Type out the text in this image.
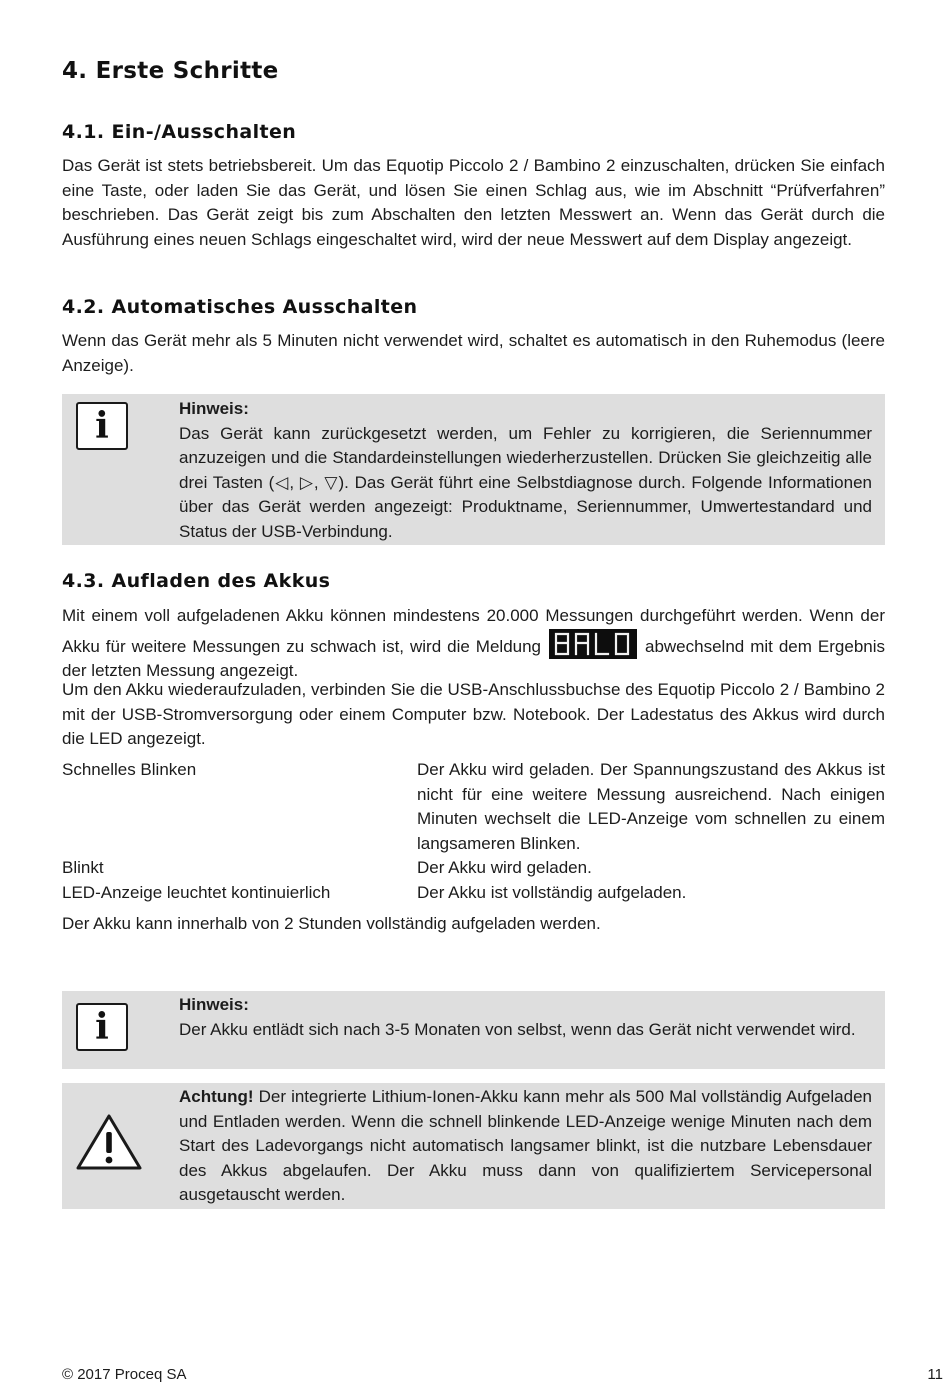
4. Erste Schritte
4.1. Ein-/Ausschalten

Das Gerät ist stets betriebsbereit. Um das Equotip Piccolo 2 / Bambino 2 einzuschalten, drücken Sie einfach eine Taste, oder laden Sie das Gerät, und lösen Sie einen Schlag aus, wie im Abschnitt “Prüfverfahren” beschrieben. Das Gerät zeigt bis zum Abschalten den letzten Messwert an. Wenn das Gerät durch die Ausführung eines neuen Schlags eingeschaltet wird, wird der neue Messwert auf dem Display angezeigt.

4.2. Automatisches Ausschalten

Wenn das Gerät mehr als 5 Minuten nicht verwendet wird, schaltet es automatisch in den Ruhemodus (leere Anzeige).

i	Hinweis:
Das Gerät kann zurückgesetzt werden, um Fehler zu korrigieren, die Seriennummer anzuzeigen und die Standardeinstellungen wiederherzustellen. Drücken Sie gleichzeitig alle drei Tasten (◁, ▷, ▽). Das Gerät führt eine Selbstdiagnose durch. Folgende Informationen über das Gerät werden angezeigt: Produktname, Seriennummer, Umwertestandard und Status der USB-Verbindung.
4.3. Aufladen des Akkus

Mit einem voll aufgeladenen Akku können mindestens 20.000 Messungen durchgeführt werden. Wenn der Akku für weitere Messungen zu schwach ist, wird die Meldung
BALO
abwechselnd mit dem Ergebnis der letzten Messung angezeigt.

Um den Akku wiederaufzuladen, verbinden Sie die USB-Anschlussbuchse des Equotip Piccolo 2 / Bambino 2 mit der USB-Stromversorgung oder einem Computer bzw. Notebook. Der Ladestatus des Akkus wird durch die LED angezeigt.

Schnelles Blinken	Der Akku wird geladen. Der Spannungszustand des Akkus ist nicht für eine weitere Messung ausreichend. Nach einigen Minuten wechselt die LED-Anzeige vom schnellen zu einem langsameren Blinken.
Blinkt	Der Akku wird geladen.
LED-Anzeige leuchtet kontinuierlich	Der Akku ist vollständig aufgeladen.

Der Akku kann innerhalb von 2 Stunden vollständig aufgeladen werden.

i
Hinweis:
Der Akku entlädt sich nach 3-5 Monaten von selbst, wenn das Gerät nicht verwendet wird.
Achtung! Der integrierte Lithium-Ionen-Akku kann mehr als 500 Mal vollständig Aufgeladen und Entladen werden. Wenn die schnell blinkende LED-Anzeige wenige Minuten nach dem Start des Ladevorgangs nicht automatisch langsamer blinkt, ist die nutzbare Lebensdauer des Akkus abgelaufen. Der Akku muss dann von qualifiziertem Servicepersonal ausgetauscht werden.
© 2017 Proceq SA	11
